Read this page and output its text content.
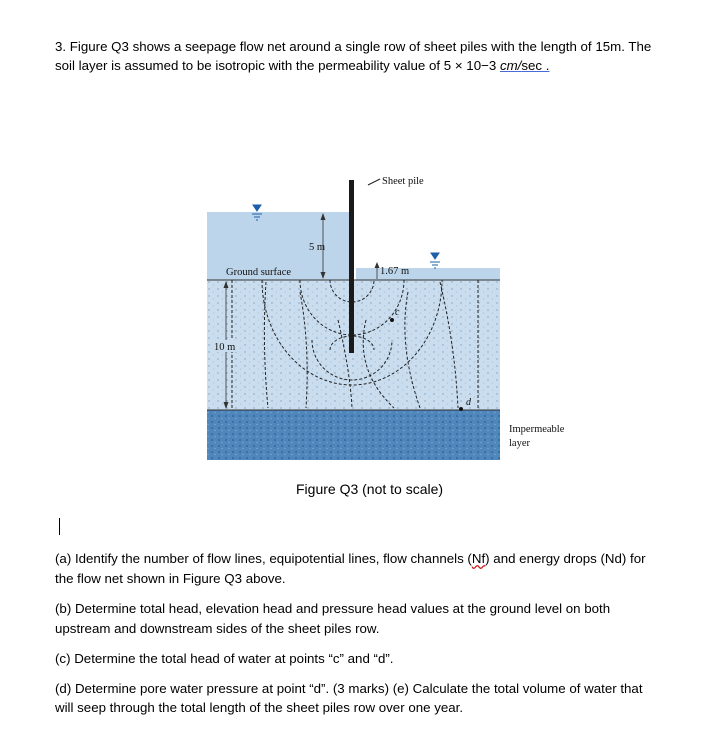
3. Figure Q3 shows a seepage flow net around a single row of sheet piles with the length of 15m. The
soil layer is assumed to be isotropic with the permeability value of 5 × 10−3 cm/sec .
Sheet pile
5 m
1.67 m
Ground surface
10 m
c
d
Impermeable
layer
Figure Q3 (not to scale)
(a) Identify the number of flow lines, equipotential lines, flow channels (Nf) and energy drops (Nd) for
the flow net shown in Figure Q3 above.
(b) Determine total head, elevation head and pressure head values at the ground level on both
upstream and downstream sides of the sheet piles row.
(c) Determine the total head of water at points “c” and “d”.
(d) Determine pore water pressure at point “d”. (3 marks) (e) Calculate the total volume of water that
will seep through the total length of the sheet piles row over one year.
